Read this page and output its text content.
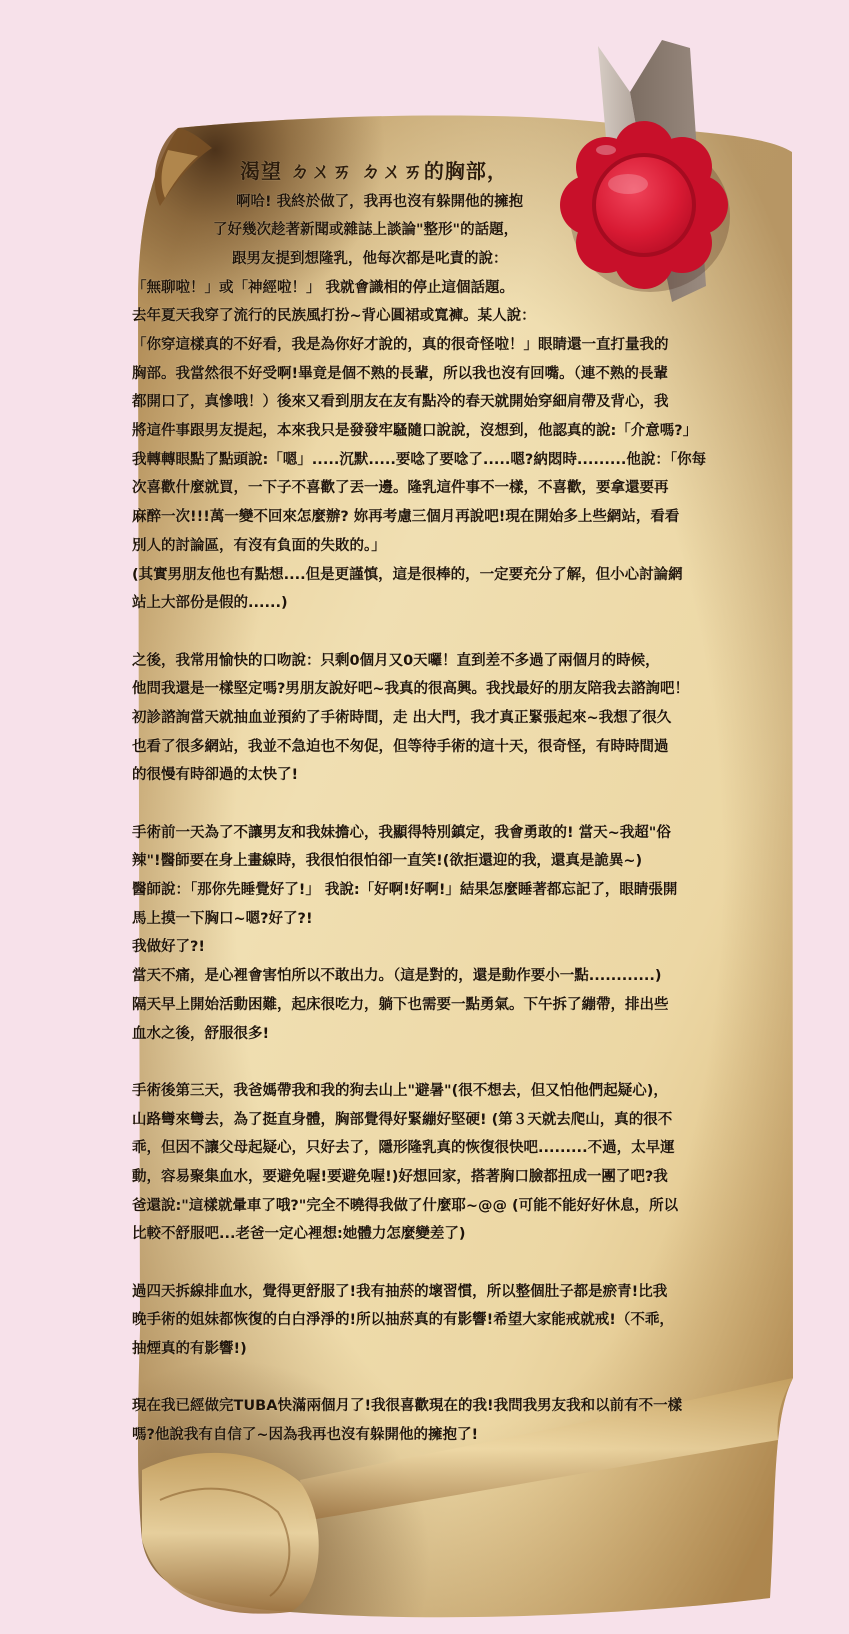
渴望 ㄉㄨㄞ ㄉㄨㄞ的胸部，
啊哈! 我終於做了，我再也沒有躲開他的擁抱
了好幾次趁著新聞或雜誌上談論"整形"的話題，
跟男友提到想隆乳，他每次都是叱責的說：
「無聊啦！」或「神經啦！」 我就會識相的停止這個話題。
去年夏天我穿了流行的民族風打扮~背心圓裙或寬褲。某人說：
「你穿這樣真的不好看，我是為你好才說的，真的很奇怪啦！」眼睛還一直打量我的
胸部。我當然很不好受啊!畢竟是個不熟的長輩，所以我也沒有回嘴。（連不熟的長輩
都開口了，真慘哦！）後來又看到朋友在友有點冷的春天就開始穿細肩帶及背心，我
將這件事跟男友提起，本來我只是發發牢騷隨口說說，沒想到，他認真的說:「介意嗎?」
我轉轉眼點了點頭說:「嗯」.....沉默.....要唸了要唸了.....嗯?納悶時.........他說：「你每
次喜歡什麼就買，一下子不喜歡了丟一邊。隆乳這件事不一樣，不喜歡，要拿還要再
麻醉一次!!!萬一變不回來怎麼辦? 妳再考慮三個月再說吧!現在開始多上些網站，看看
別人的討論區，有沒有負面的失敗的。」
(其實男朋友他也有點想....但是更謹慎，這是很棒的，一定要充分了解，但小心討論網
站上大部份是假的......)
之後，我常用愉快的口吻說：只剩0個月又0天囉！直到差不多過了兩個月的時候，
他問我還是一樣堅定嗎?男朋友說好吧~我真的很高興。我找最好的朋友陪我去諮詢吧！
初診諮詢當天就抽血並預約了手術時間，走 出大門，我才真正緊張起來~我想了很久
也看了很多網站，我並不急迫也不匆促，但等待手術的這十天，很奇怪，有時時間過
的很慢有時卻過的太快了!
手術前一天為了不讓男友和我妹擔心，我顯得特別鎮定，我會勇敢的! 當天~我超"俗
辣"!醫師要在身上畫線時，我很怕很怕卻一直笑!(欲拒還迎的我，還真是詭異~)
醫師說：「那你先睡覺好了!」 我說:「好啊!好啊!」結果怎麼睡著都忘記了，眼睛張開
馬上摸一下胸口~嗯?好了?!
我做好了?!
當天不痛，是心裡會害怕所以不敢出力。（這是對的，還是動作要小一點............)
隔天早上開始活動困難，起床很吃力，躺下也需要一點勇氣。下午拆了繃帶，排出些
血水之後，舒服很多!
手術後第三天，我爸媽帶我和我的狗去山上"避暑"(很不想去，但又怕他們起疑心)，
山路彎來彎去，為了挺直身體，胸部覺得好緊繃好堅硬! (第３天就去爬山，真的很不
乖，但因不讓父母起疑心，只好去了，隱形隆乳真的恢復很快吧.........不過，太早運
動，容易聚集血水，要避免喔!要避免喔!)好想回家，搭著胸口臉都扭成一團了吧?我
爸還說:"這樣就暈車了哦?"完全不曉得我做了什麼耶~@@ (可能不能好好休息，所以
比較不舒服吧...老爸一定心裡想:她體力怎麼變差了)
過四天拆線排血水，覺得更舒服了!我有抽菸的壞習慣，所以整個肚子都是瘀青!比我
晚手術的姐妹都恢復的白白淨淨的!所以抽菸真的有影響!希望大家能戒就戒!（不乖，
抽煙真的有影響!)
現在我已經做完TUBA快滿兩個月了!我很喜歡現在的我!我問我男友我和以前有不一樣
嗎?他說我有自信了~因為我再也沒有躲開他的擁抱了!
